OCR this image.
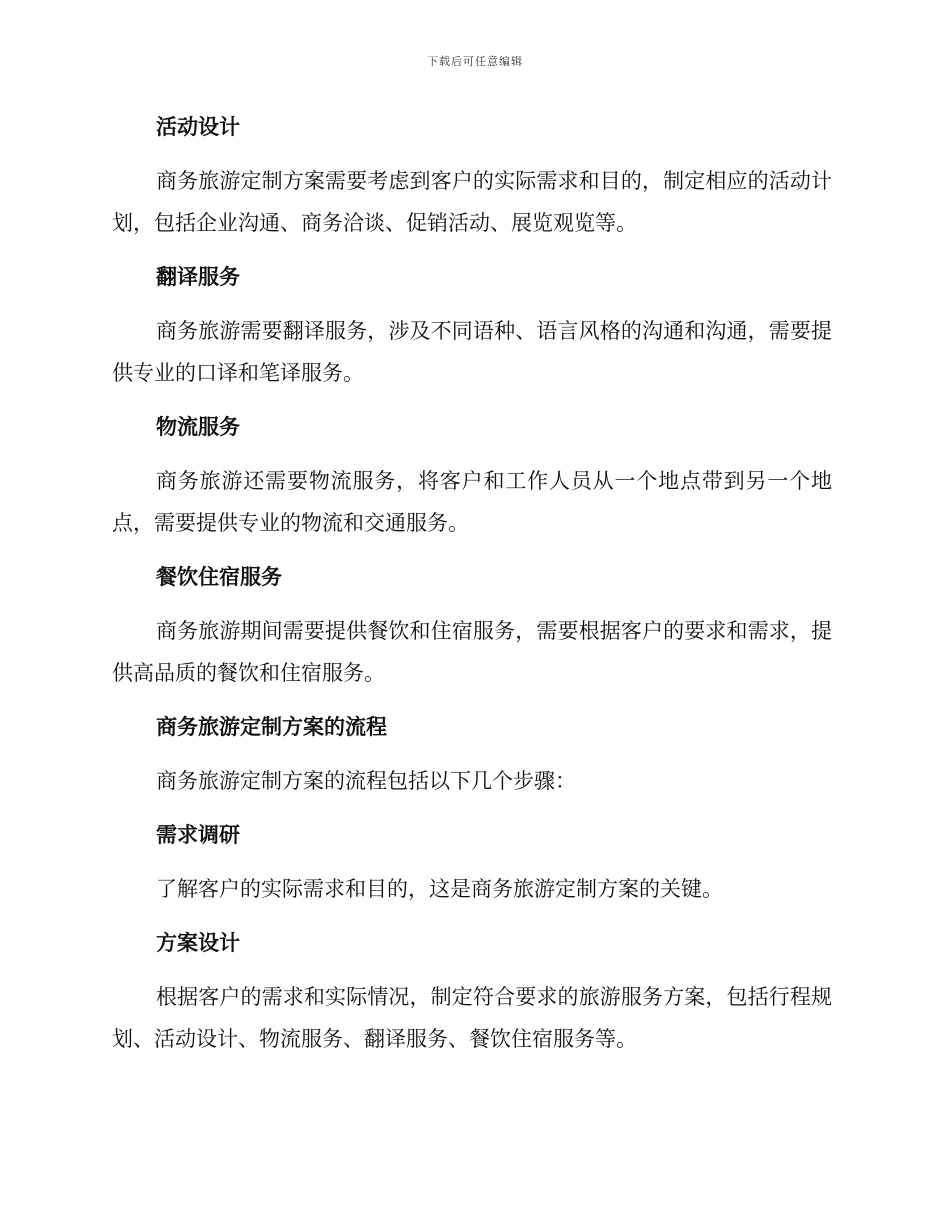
下载后可任意编辑
活动设计

商务旅游定制方案需要考虑到客户的实际需求和目的，制定相应的活动计划，包括企业沟通、商务洽谈、促销活动、展览观览等。

翻译服务

商务旅游需要翻译服务，涉及不同语种、语言风格的沟通和沟通，需要提供专业的口译和笔译服务。

物流服务

商务旅游还需要物流服务，将客户和工作人员从一个地点带到另一个地点，需要提供专业的物流和交通服务。

餐饮住宿服务

商务旅游期间需要提供餐饮和住宿服务，需要根据客户的要求和需求，提供高品质的餐饮和住宿服务。

商务旅游定制方案的流程

商务旅游定制方案的流程包括以下几个步骤：

需求调研

了解客户的实际需求和目的，这是商务旅游定制方案的关键。

方案设计

根据客户的需求和实际情况，制定符合要求的旅游服务方案，包括行程规划、活动设计、物流服务、翻译服务、餐饮住宿服务等。
